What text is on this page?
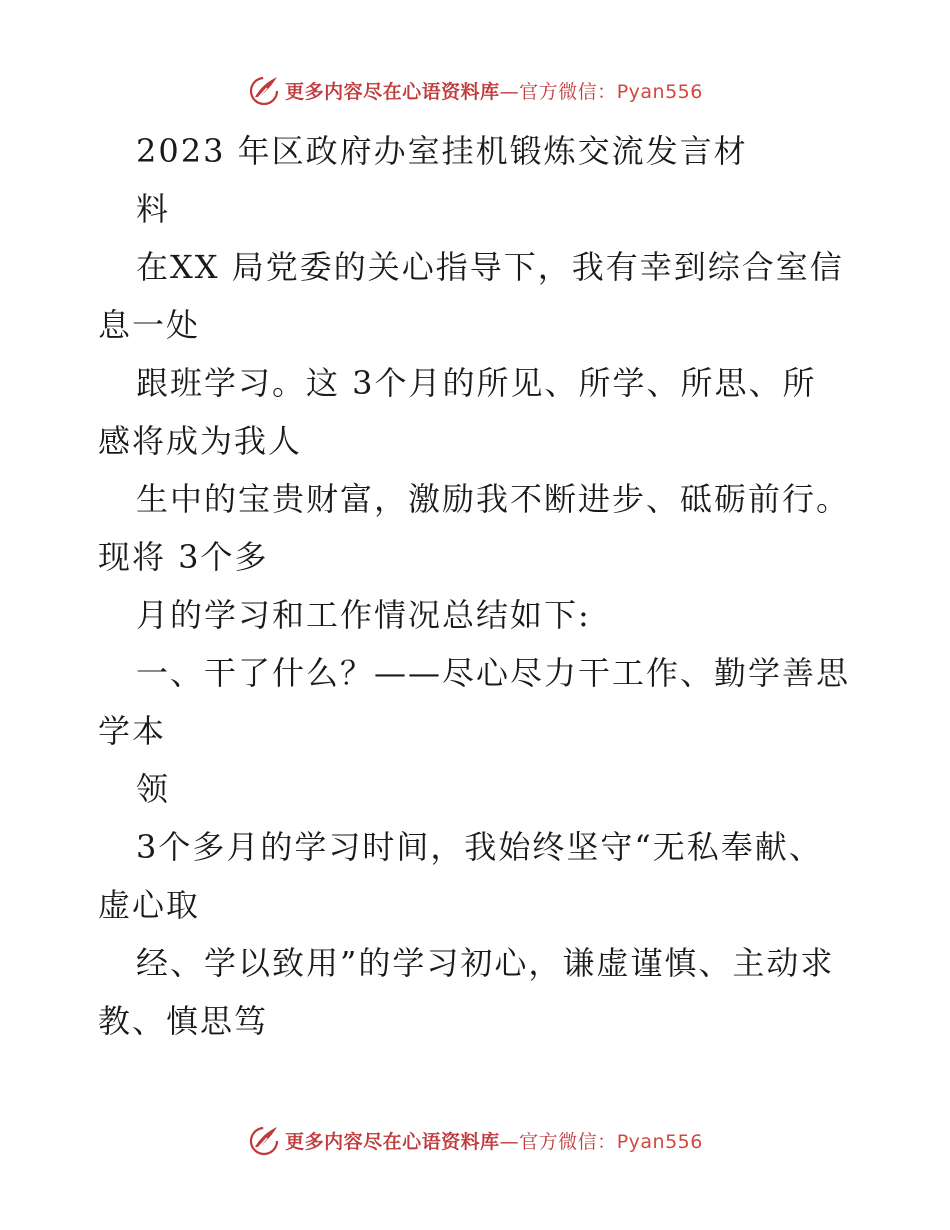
更多内容尽在心语资料库—官方微信：Pyan556
2023 年区政府办室挂机锻炼交流发言材
料
在XX 局党委的关心指导下，我有幸到综合室信
息一处
跟班学习。这 3个月的所见、所学、所思、所
感将成为我人
生中的宝贵财富，激励我不断进步、砥砺前行。
现将 3个多
月的学习和工作情况总结如下:
一、干了什么？——尽心尽力干工作、勤学善思
学本
领
3个多月的学习时间，我始终坚守“无私奉献、
虚心取
经、学以致用”的学习初心，谦虚谨慎、主动求
教、慎思笃
更多内容尽在心语资料库—官方微信：Pyan556
